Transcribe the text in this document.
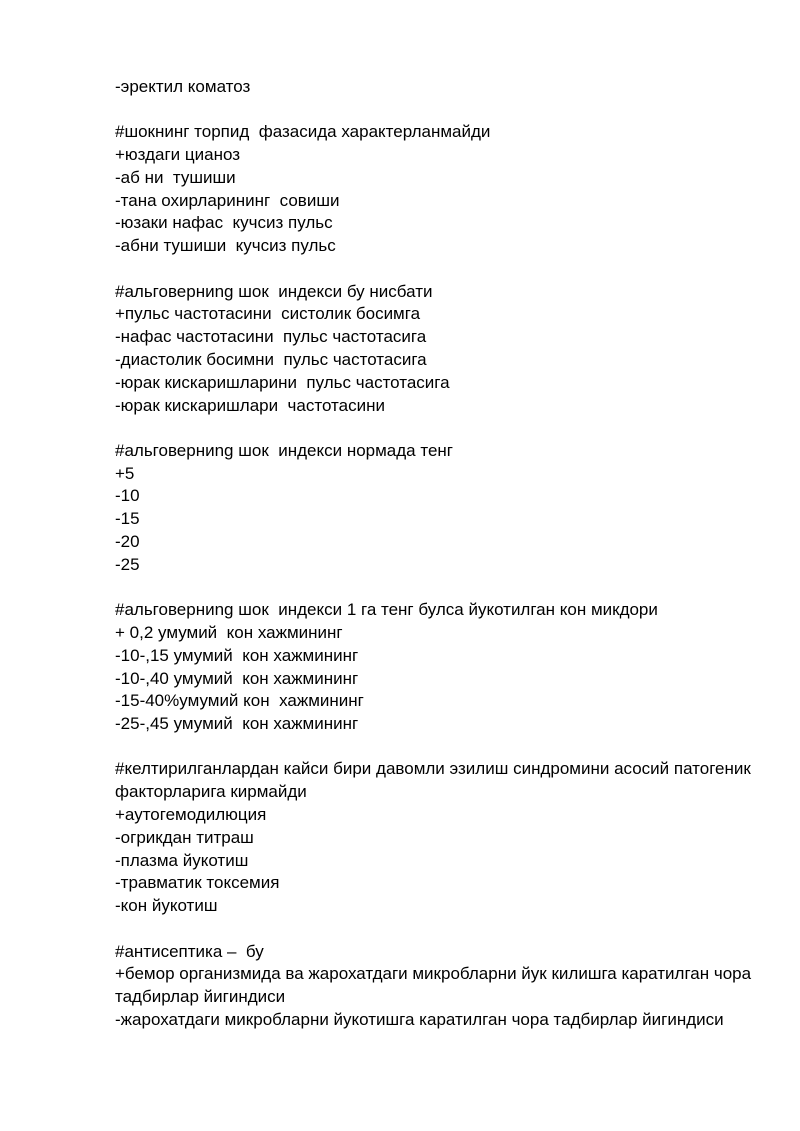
-эректил коматоз

#шокнинг торпид  фазасида характерланмайди

+юздаги цианоз

-аб ни  тушиши

-тана охирларининг  совиши

-юзаки нафас  кучсиз пульс

-абни тушиши  кучсиз пульс

#альговерниng шок  индекси бу нисбати

+пульс частотасини  систолик босимга

-нафас частотасини  пульс частотасига

-диастолик босимни  пульс частотасига

-юрак кискаришларини  пульс частотасига

-юрак кискаришлари  частотасини

#альговерниng шок  индекси нормада тенг

+5

-10

-15

-20

-25

#альговерниng шок  индекси 1 га тенг булса йукотилган кон микдори

+ 0,2 умумий  кон хажмининг

-10-,15 умумий  кон хажмининг

-10-,40 умумий  кон хажмининг

-15-40%умумий кон  хажмининг

-25-,45 умумий  кон хажмининг

#келтирилганлардан кайси бири давомли эзилиш синдромини асосий патогеник факторларига кирмайди

+аутогемодилюция

-огрикдан титраш

-плазма йукотиш

-травматик токсемия

-кон йукотиш

#антисептика –  бу

+бемор организмида ва жарохатдаги микробларни йук килишга каратилган чора тадбирлар йигиндиси

-жарохатдаги микробларни йукотишга каратилган чора тадбирлар йигиндиси
